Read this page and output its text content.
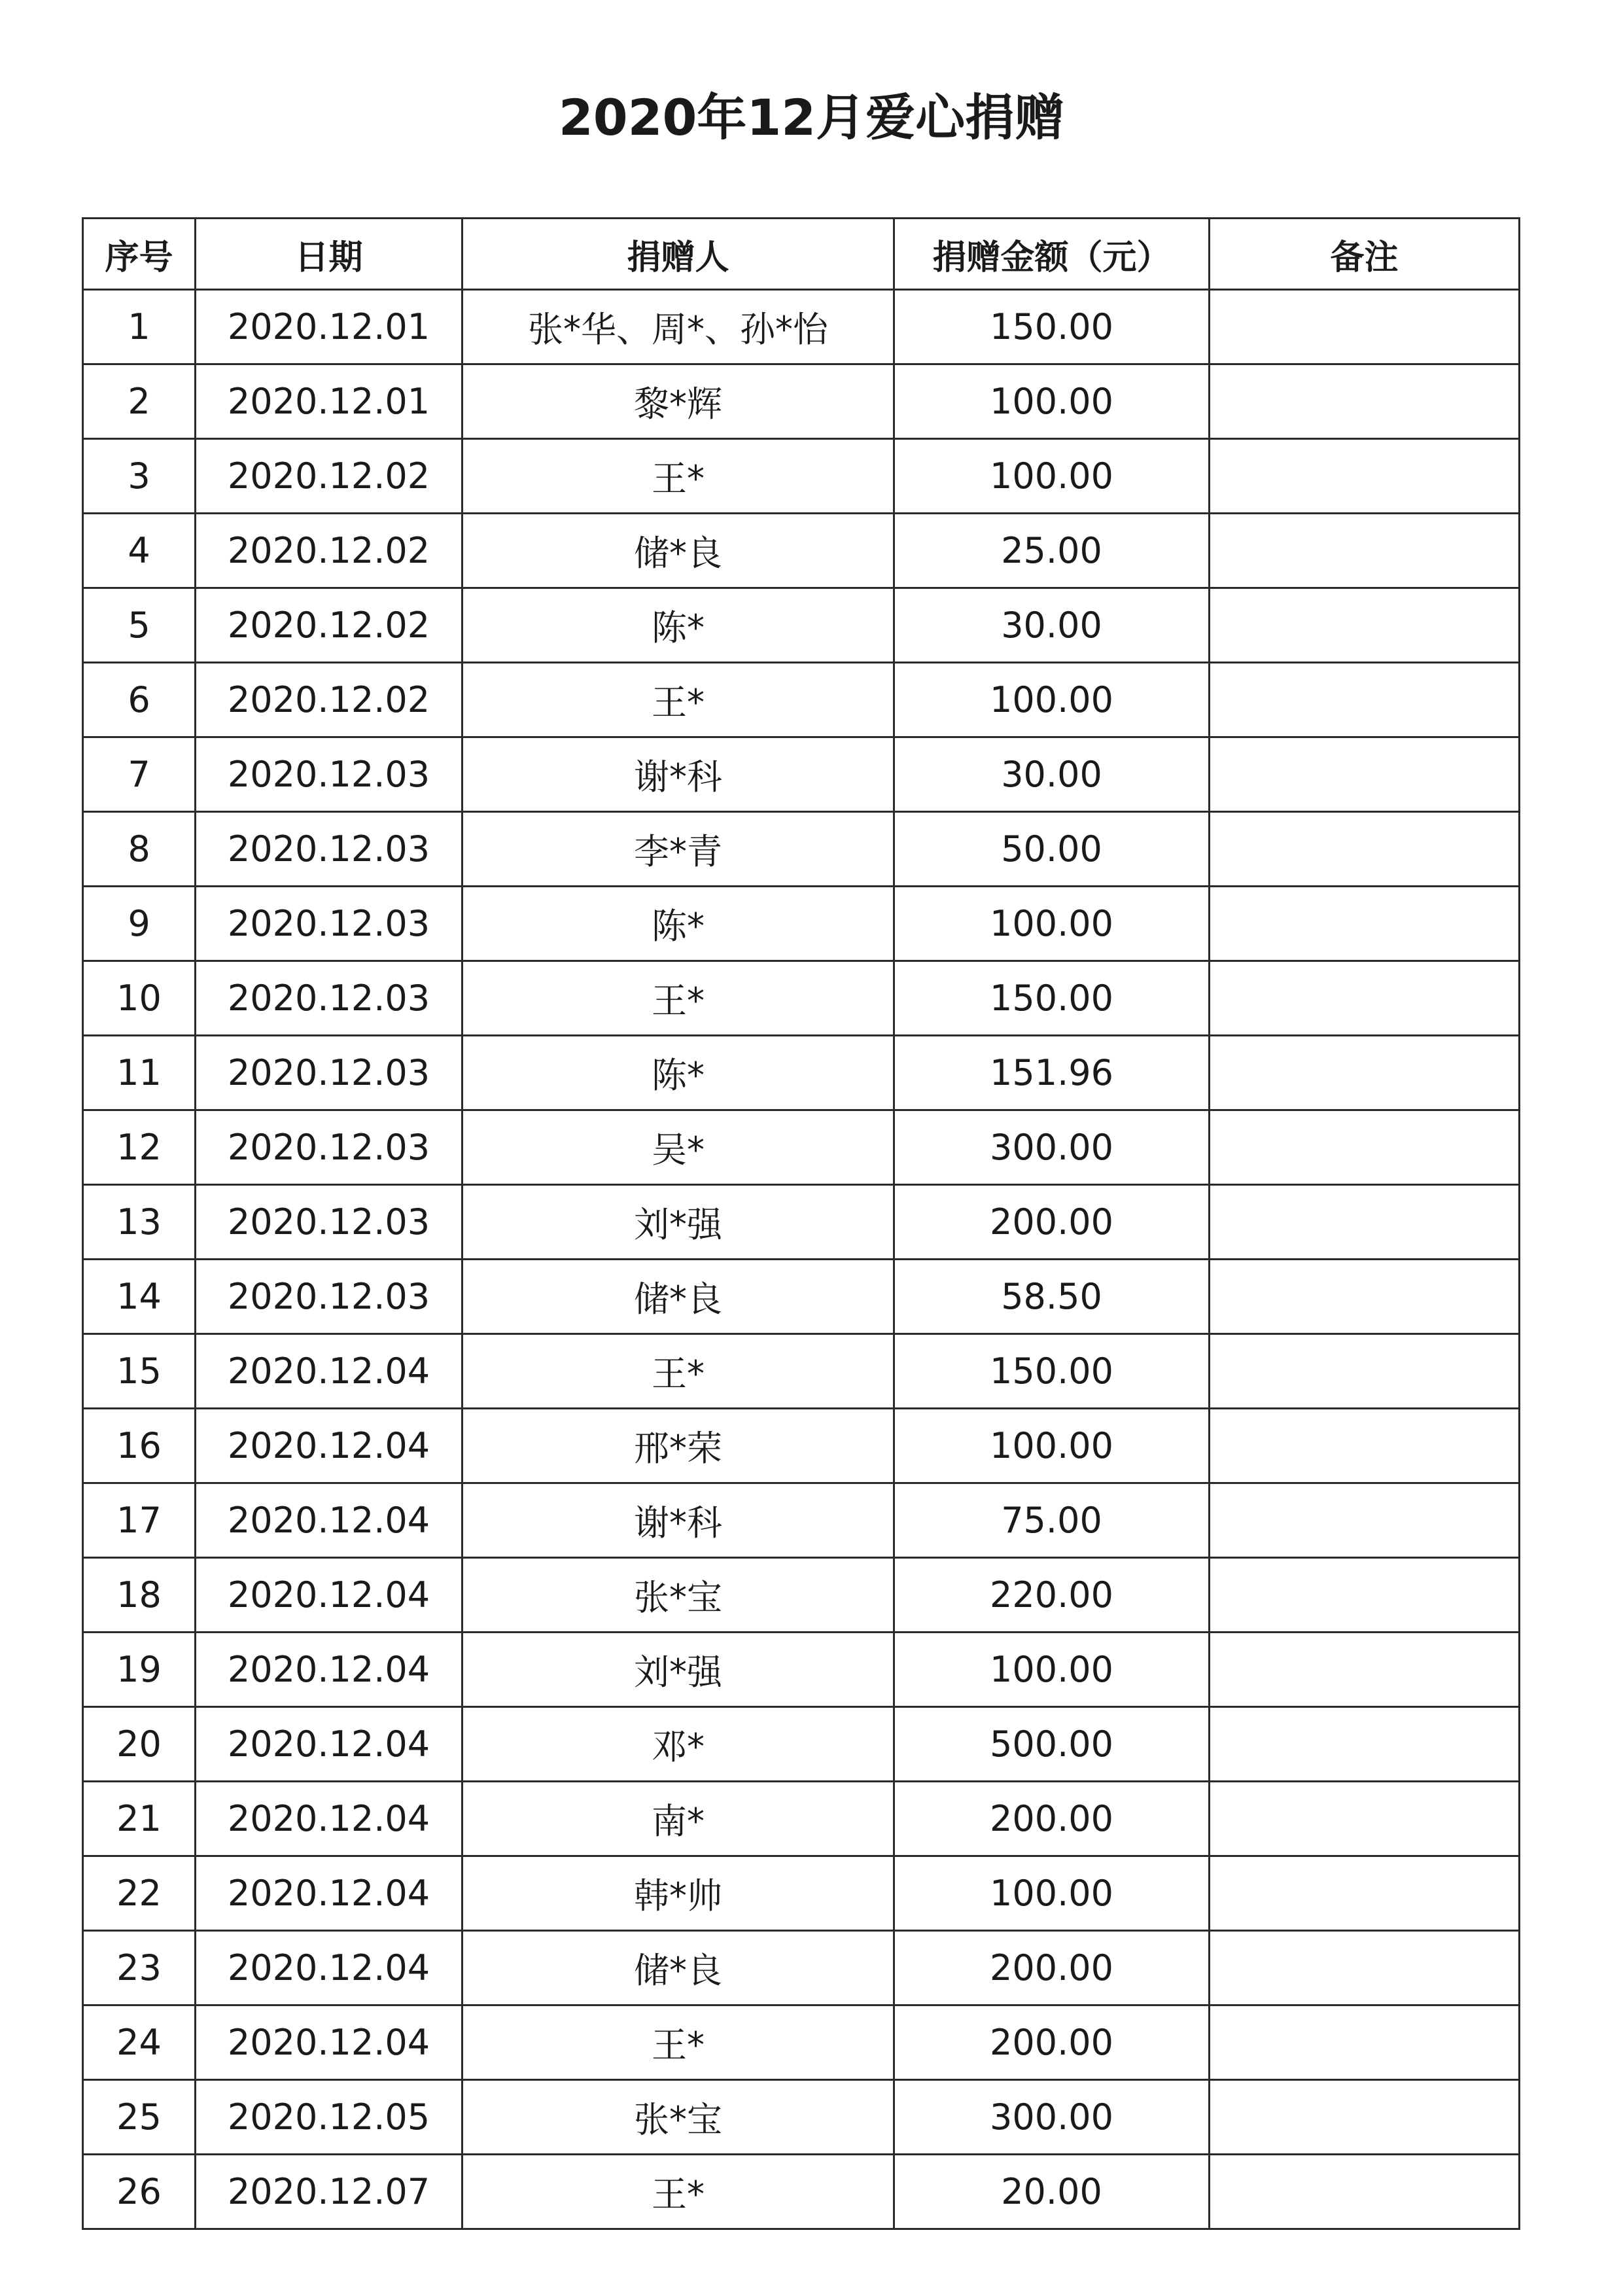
2020年12月爱心捐赠
序号	日期	捐赠人	捐赠金额（元）	备注
1	2020.12.01	张*华、周*、孙*怡	150.00	
2	2020.12.01	黎*辉	100.00	
3	2020.12.02	王*	100.00	
4	2020.12.02	储*良	25.00	
5	2020.12.02	陈*	30.00	
6	2020.12.02	王*	100.00	
7	2020.12.03	谢*科	30.00	
8	2020.12.03	李*青	50.00	
9	2020.12.03	陈*	100.00	
10	2020.12.03	王*	150.00	
11	2020.12.03	陈*	151.96	
12	2020.12.03	吴*	300.00	
13	2020.12.03	刘*强	200.00	
14	2020.12.03	储*良	58.50	
15	2020.12.04	王*	150.00	
16	2020.12.04	邢*荣	100.00	
17	2020.12.04	谢*科	75.00	
18	2020.12.04	张*宝	220.00	
19	2020.12.04	刘*强	100.00	
20	2020.12.04	邓*	500.00	
21	2020.12.04	南*	200.00	
22	2020.12.04	韩*帅	100.00	
23	2020.12.04	储*良	200.00	
24	2020.12.04	王*	200.00	
25	2020.12.05	张*宝	300.00	
26	2020.12.07	王*	20.00	
